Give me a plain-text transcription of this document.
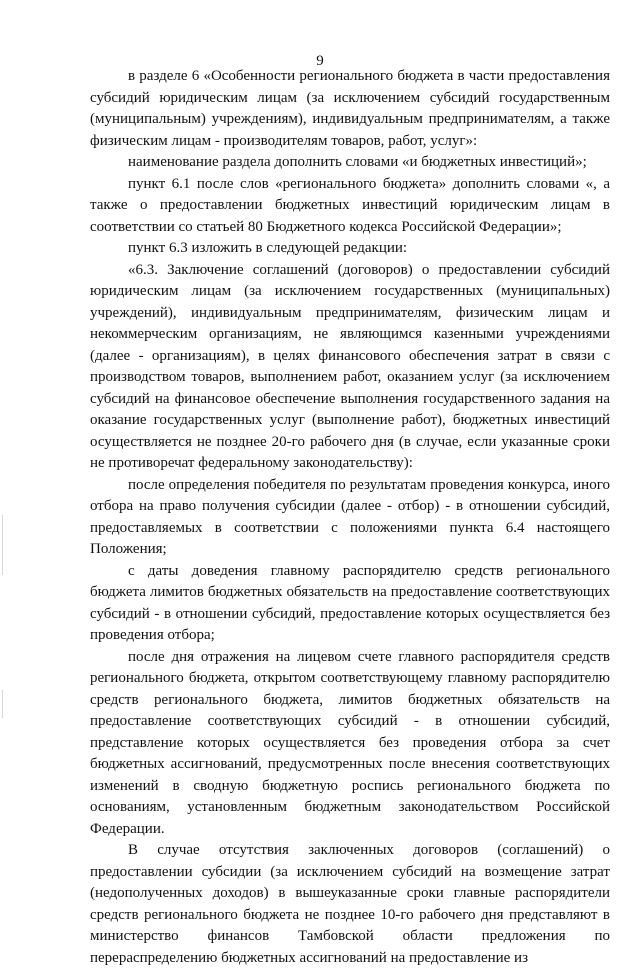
9

в разделе 6 «Особенности регионального бюджета в части предоставления субсидий юридическим лицам (за исключением субсидий государственным (муниципальным) учреждениям), индивидуальным предпринимателям, а также физическим лицам - производителям товаров, работ, услуг»:

наименование раздела дополнить словами «и бюджетных инвестиций»;

пункт 6.1 после слов «регионального бюджета» дополнить словами «, а также о предоставлении бюджетных инвестиций юридическим лицам в соответствии со статьей 80 Бюджетного кодекса Российской Федерации»;

пункт 6.3 изложить в следующей редакции:

«6.3. Заключение соглашений (договоров) о предоставлении субсидий юридическим лицам (за исключением государственных (муниципальных) учреждений), индивидуальным предпринимателям, физическим лицам и некоммерческим организациям, не являющимся казенными учреждениями (далее - организациям), в целях финансового обеспечения затрат в связи с производством товаров, выполнением работ, оказанием услуг (за исключением субсидий на финансовое обеспечение выполнения государственного задания на оказание государственных услуг (выполнение работ), бюджетных инвестиций осуществляется не позднее 20-го рабочего дня (в случае, если указанные сроки не противоречат федеральному законодательству):

после определения победителя по результатам проведения конкурса, иного отбора на право получения субсидии (далее - отбор) - в отношении субсидий, предоставляемых в соответствии с положениями пункта 6.4 настоящего Положения;

с даты доведения главному распорядителю средств регионального бюджета лимитов бюджетных обязательств на предоставление соответствующих субсидий - в отношении субсидий, предоставление которых осуществляется без проведения отбора;

после дня отражения на лицевом счете главного распорядителя средств регионального бюджета, открытом соответствующему главному распорядителю средств регионального бюджета, лимитов бюджетных обязательств на предоставление соответствующих субсидий - в отношении субсидий, представление которых осуществляется без проведения отбора за счет бюджетных ассигнований, предусмотренных после внесения соответствующих изменений в сводную бюджетную роспись регионального бюджета по основаниям, установленным бюджетным законодательством Российской Федерации.

В случае отсутствия заключенных договоров (соглашений) о предоставлении субсидии (за исключением субсидий на возмещение затрат (недополученных доходов) в вышеуказанные сроки главные распорядители средств регионального бюджета не позднее 10-го рабочего дня представляют в министерство финансов Тамбовской области предложения по перераспределению бюджетных ассигнований на предоставление из
